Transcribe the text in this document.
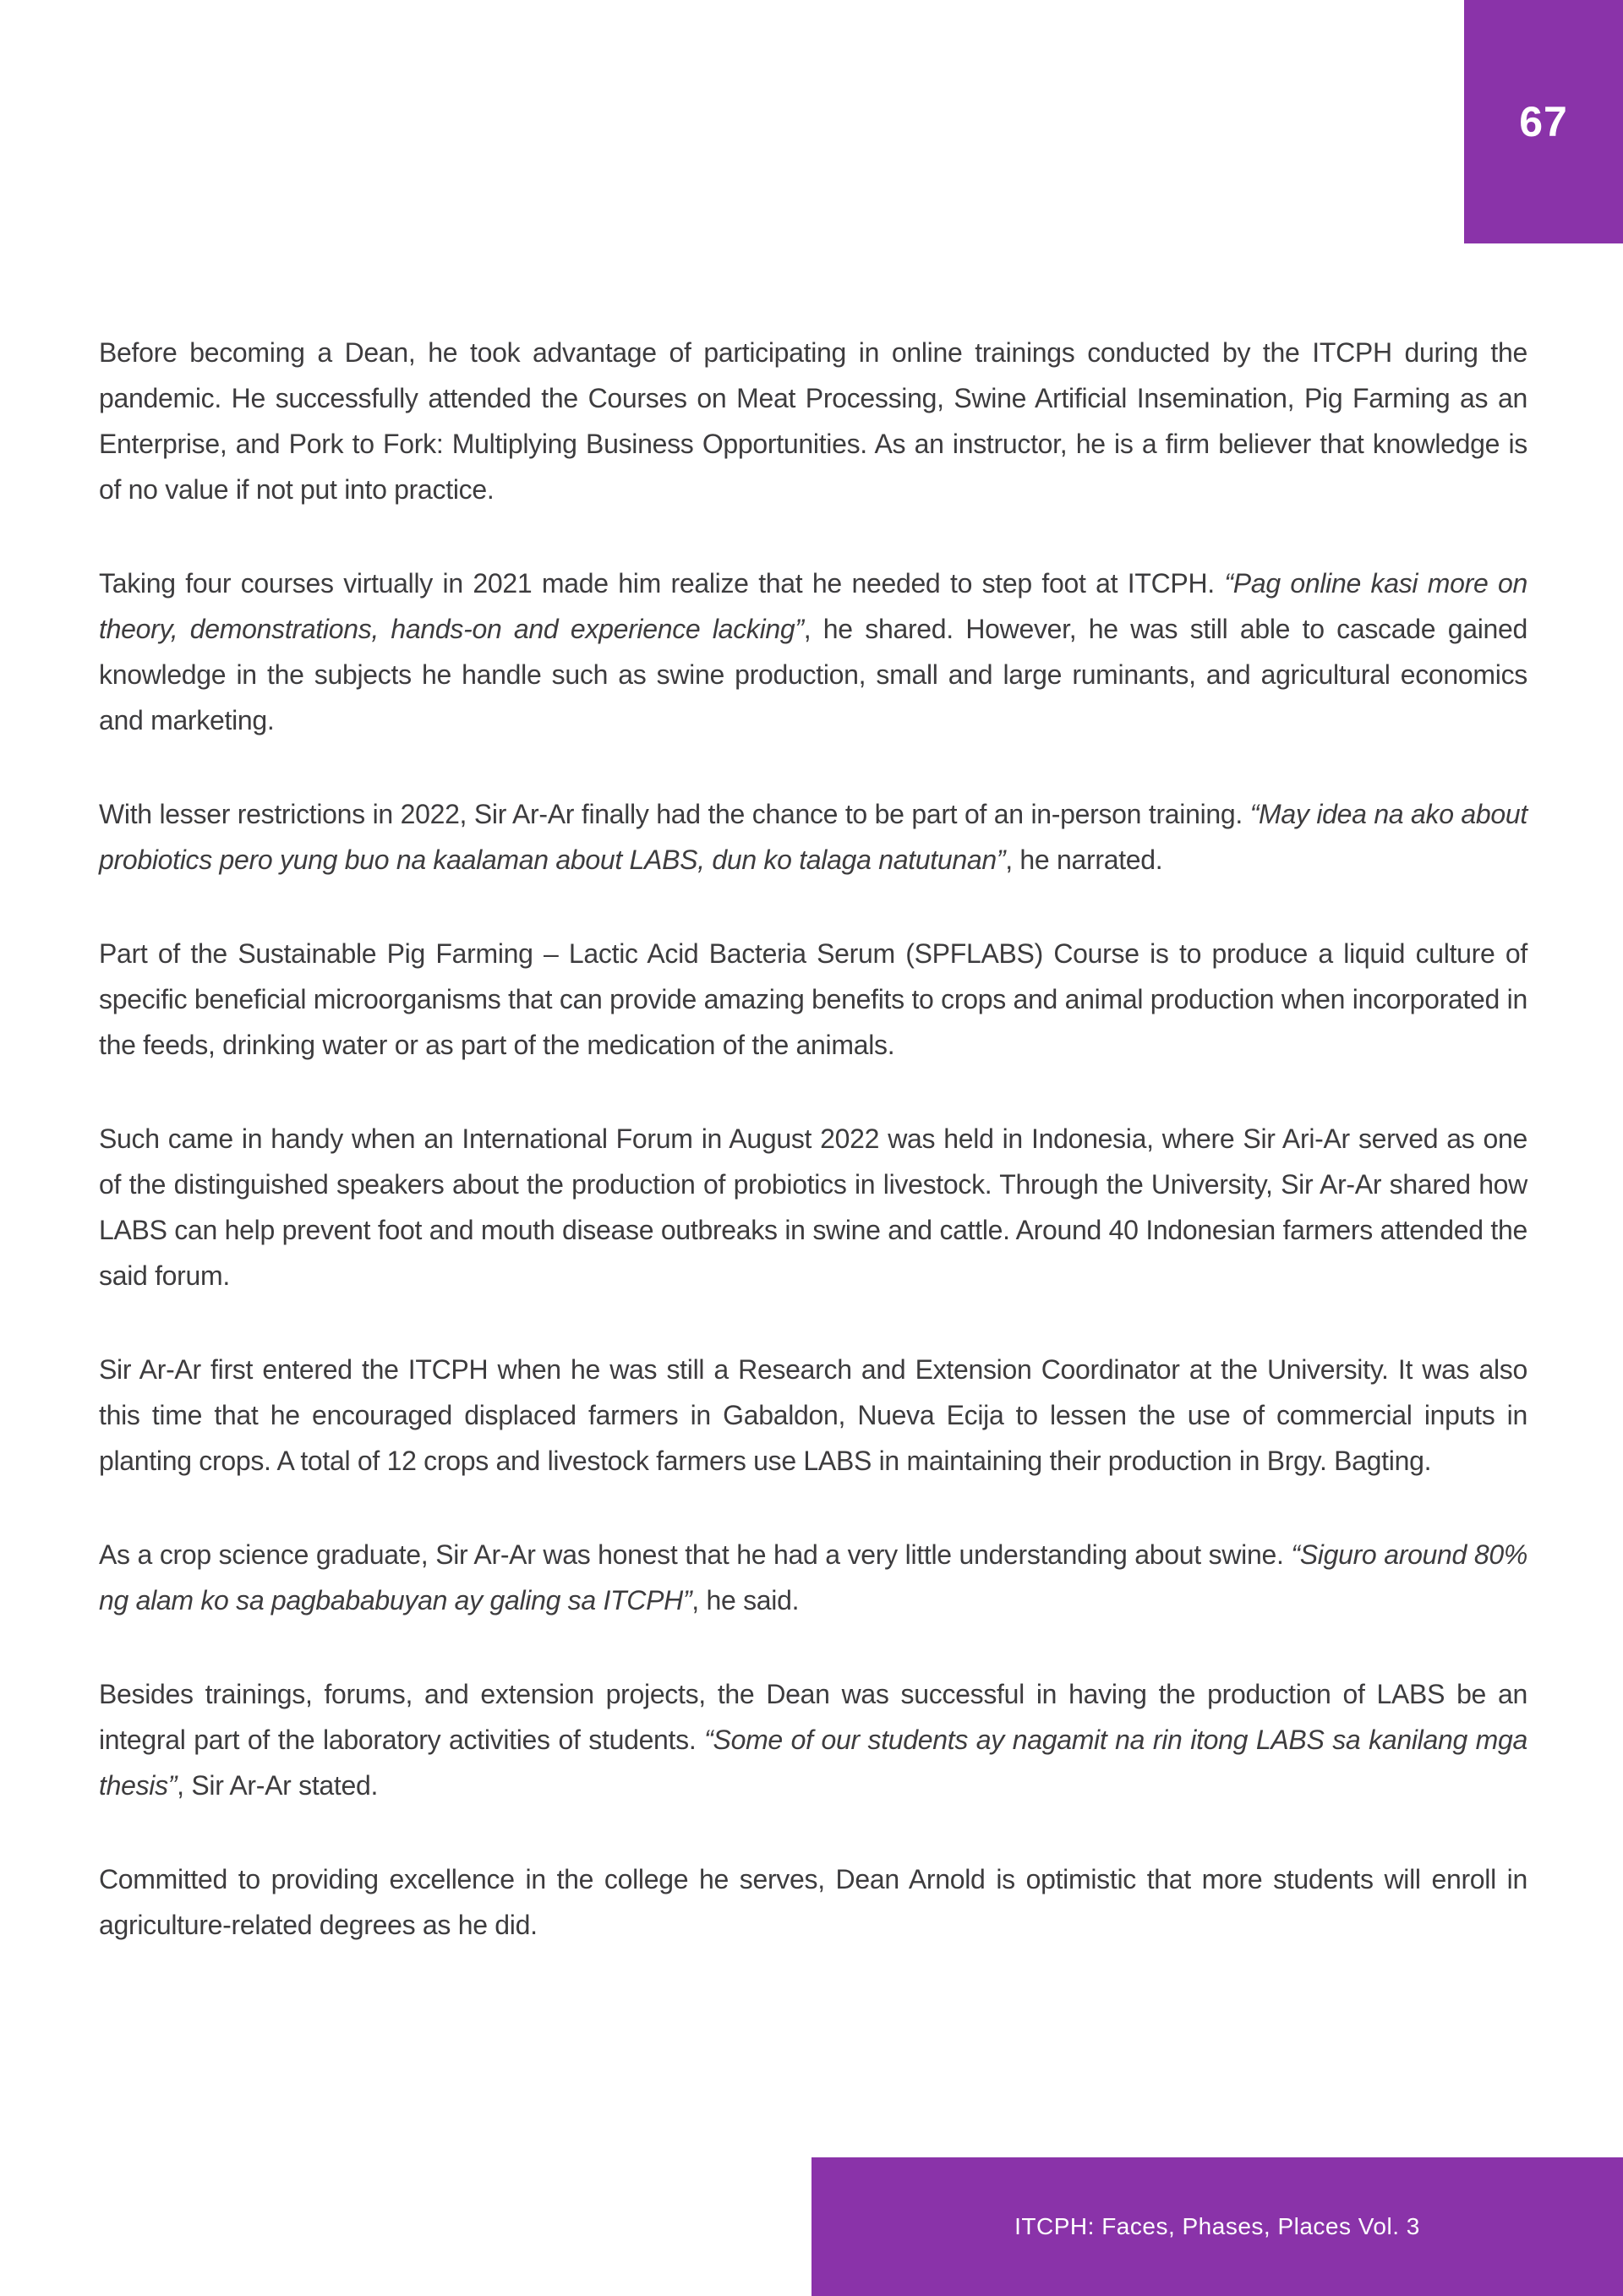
67

Before becoming a Dean, he took advantage of participating in online trainings conducted by the ITCPH during the pandemic. He successfully attended the Courses on Meat Processing, Swine Artificial Insemination, Pig Farming as an Enterprise, and Pork to Fork: Multiplying Business Opportunities. As an instructor, he is a firm believer that knowledge is of no value if not put into practice.

Taking four courses virtually in 2021 made him realize that he needed to step foot at ITCPH. “Pag online kasi more on theory, demonstrations, hands-on and experience lacking”, he shared. However, he was still able to cascade gained knowledge in the subjects he handle such as swine production, small and large ruminants, and agricultural economics and marketing.

With lesser restrictions in 2022, Sir Ar-Ar finally had the chance to be part of an in-person training. “May idea na ako about probiotics pero yung buo na kaalaman about LABS, dun ko talaga natutunan”, he narrated.

Part of the Sustainable Pig Farming – Lactic Acid Bacteria Serum (SPFLABS) Course is to produce a liquid culture of specific beneficial microorganisms that can provide amazing benefits to crops and animal production when incorporated in the feeds, drinking water or as part of the medication of the animals.

Such came in handy when an International Forum in August 2022 was held in Indonesia, where Sir Ari-Ar served as one of the distinguished speakers about the production of probiotics in livestock. Through the University, Sir Ar-Ar shared how LABS can help prevent foot and mouth disease outbreaks in swine and cattle. Around 40 Indonesian farmers attended the said forum.

Sir Ar-Ar first entered the ITCPH when he was still a Research and Extension Coordinator at the University. It was also this time that he encouraged displaced farmers in Gabaldon, Nueva Ecija to lessen the use of commercial inputs in planting crops. A total of 12 crops and livestock farmers use LABS in maintaining their production in Brgy. Bagting.

As a crop science graduate, Sir Ar-Ar was honest that he had a very little understanding about swine. “Siguro around 80% ng alam ko sa pagbababuyan ay galing sa ITCPH”, he said.

Besides trainings, forums, and extension projects, the Dean was successful in having the production of LABS be an integral part of the laboratory activities of students. “Some of our students ay nagamit na rin itong LABS sa kanilang mga thesis”, Sir Ar-Ar stated.

Committed to providing excellence in the college he serves, Dean Arnold is optimistic that more students will enroll in agriculture-related degrees as he did.

ITCPH: Faces, Phases, Places Vol. 3
